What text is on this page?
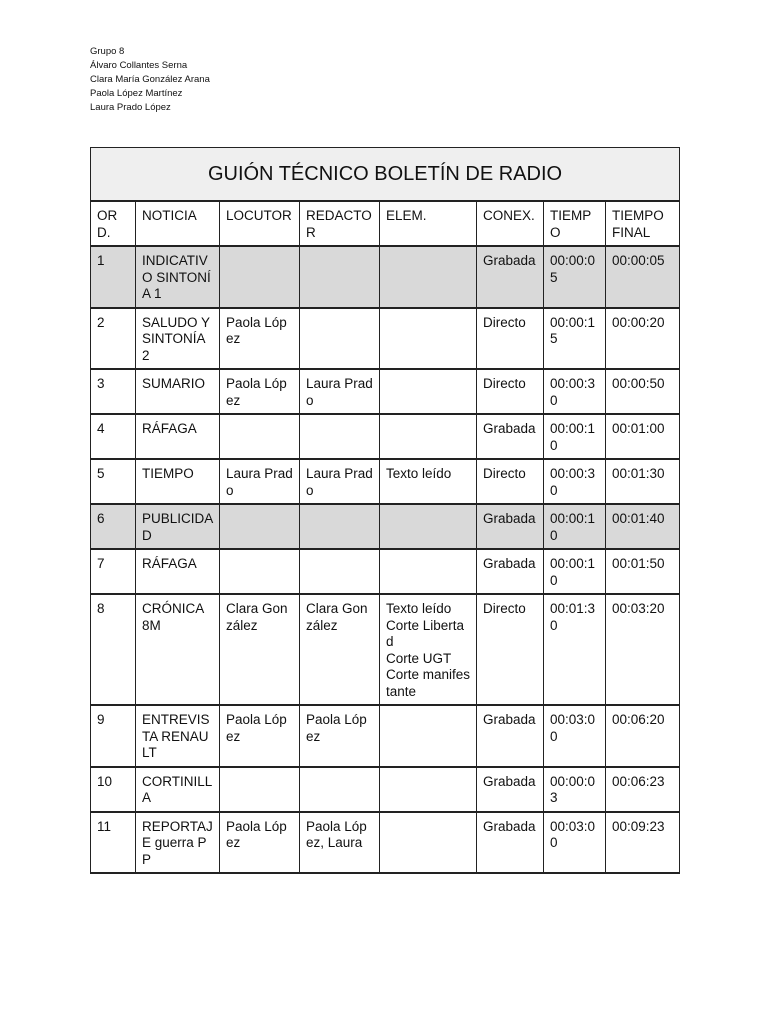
Grupo 8
Álvaro Collantes Serna
Clara María González Arana
Paola López Martínez
Laura Prado López
GUIÓN TÉCNICO BOLETÍN DE RADIO							
ORD.	NOTICIA	LOCUTOR	REDACTOR	ELEM.	CONEX.	TIEMPO	TIEMPO FINAL
1	INDICATIVO SINTONÍA 1				Grabada	00:00:05	00:00:05
2	SALUDO Y SINTONÍA 2	Paola López			Directo	00:00:15	00:00:20
3	SUMARIO	Paola López	Laura Prado		Directo	00:00:30	00:00:50
4	RÁFAGA				Grabada	00:00:10	00:01:00
5	TIEMPO	Laura Prado	Laura Prado	Texto leído	Directo	00:00:30	00:01:30
6	PUBLICIDAD				Grabada	00:00:10	00:01:40
7	RÁFAGA				Grabada	00:00:10	00:01:50
8	CRÓNICA 8M	Clara González	Clara González	Texto leído
Corte Libertad
Corte UGT
Corte manifestante	Directo	00:01:30	00:03:20
9	ENTREVISTA RENAULT	Paola López	Paola López		Grabada	00:03:00	00:06:20
10	CORTINILLA				Grabada	00:00:03	00:06:23
11	REPORTAJE guerra PP	Paola López	Paola López, Laura		Grabada	00:03:00	00:09:23
